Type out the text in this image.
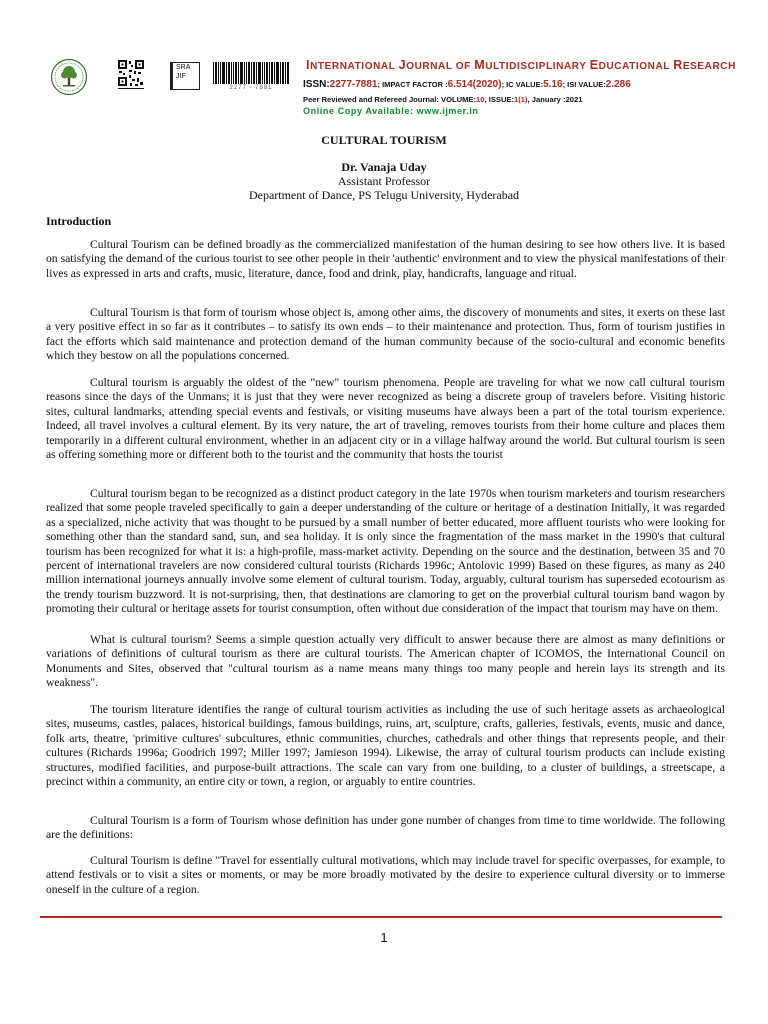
SRA
JIF
2277 - 7881
INTERNATIONAL JOURNAL OF MULTIDISCIPLINARY EDUCATIONAL RESEARCH
ISSN:2277-7881; IMPACT FACTOR :6.514(2020); IC VALUE:5.16; ISI VALUE:2.286
Peer Reviewed and Refereed Journal: VOLUME:10, ISSUE:1(1), January :2021
Online Copy Available: www.ijmer.in
CULTURAL TOURISM
Dr. Vanaja Uday
Assistant Professor
Department of Dance, PS Telugu University, Hyderabad
Introduction

Cultural Tourism can be defined broadly as the commercialized manifestation of the human desiring to see how others live. It is based on satisfying the demand of the curious tourist to see other people in their 'authentic' environment and to view the physical manifestations of their lives as expressed in arts and crafts, music, literature, dance, food and drink, play, handicrafts, language and ritual.

Cultural Tourism is that form of tourism whose object is, among other aims, the discovery of monuments and sites, it exerts on these last a very positive effect in so far as it contributes – to satisfy its own ends – to their maintenance and protection. Thus, form of tourism justifies in fact the efforts which said maintenance and protection demand of the human community because of the socio-cultural and economic benefits which they bestow on all the populations concerned.

Cultural tourism is arguably the oldest of the "new" tourism phenomena. People are traveling for what we now call cultural tourism reasons since the days of the Unmans; it is just that they were never recognized as being a discrete group of travelers before. Visiting historic sites, cultural landmarks, attending special events and festivals, or visiting museums have always been a part of the total tourism experience. Indeed, all travel involves a cultural element. By its very nature, the art of traveling, removes tourists from their home culture and places them temporarily in a different cultural environment, whether in an adjacent city or in a village halfway around the world. But cultural tourism is seen as offering something more or different both to the tourist and the community that hosts the tourist

Cultural tourism began to be recognized as a distinct product category in the late 1970s when tourism marketers and tourism researchers realized that some people traveled specifically to gain a deeper understanding of the culture or heritage of a destination Initially, it was regarded as a specialized, niche activity that was thought to be pursued by a small number of better educated, more affluent tourists who were looking for something other than the standard sand, sun, and sea holiday. It is only since the fragmentation of the mass market in the 1990's that cultural tourism has been recognized for what it is: a high-profile, mass-market activity. Depending on the source and the destination, between 35 and 70 percent of international travelers are now considered cultural tourists (Richards 1996c; Antolovic 1999) Based on these figures, as many as 240 million international journeys annually involve some element of cultural tourism. Today, arguably, cultural tourism has superseded ecotourism as the trendy tourism buzzword. It is not-surprising, then, that destinations are clamoring to get on the proverbial cultural tourism band wagon by promoting their cultural or heritage assets for tourist consumption, often without due consideration of the impact that tourism may have on them.

What is cultural tourism? Seems a simple question actually very difficult to answer because there are almost as many definitions or variations of definitions of cultural tourism as there are cultural tourists. The American chapter of ICOMOS, the International Council on Monuments and Sites, observed that "cultural tourism as a name means many things too many people and herein lays its strength and its weakness".

The tourism literature identifies the range of cultural tourism activities as including the use of such heritage assets as archaeological sites, museums, castles, palaces, historical buildings, famous buildings, ruins, art, sculpture, crafts, galleries, festivals, events, music and dance, folk arts, theatre, 'primitive cultures' subcultures, ethnic communities, churches, cathedrals and other things that represents people, and their cultures (Richards 1996a; Goodrich 1997; Miller 1997; Jamieson 1994). Likewise, the array of cultural tourism products can include existing structures, modified facilities, and purpose-built attractions. The scale can vary from one building, to a cluster of buildings, a streetscape, a precinct within a community, an entire city or town, a region, or arguably to entire countries.

Cultural Tourism is a form of Tourism whose definition has under gone number of changes from time to time worldwide. The following are the definitions:

Cultural Tourism is define "Travel for essentially cultural motivations, which may include travel for specific overpasses, for example, to attend festivals or to visit a sites or moments, or may be more broadly motivated by the desire to experience cultural diversity or to immerse oneself in the culture of a region.

1
